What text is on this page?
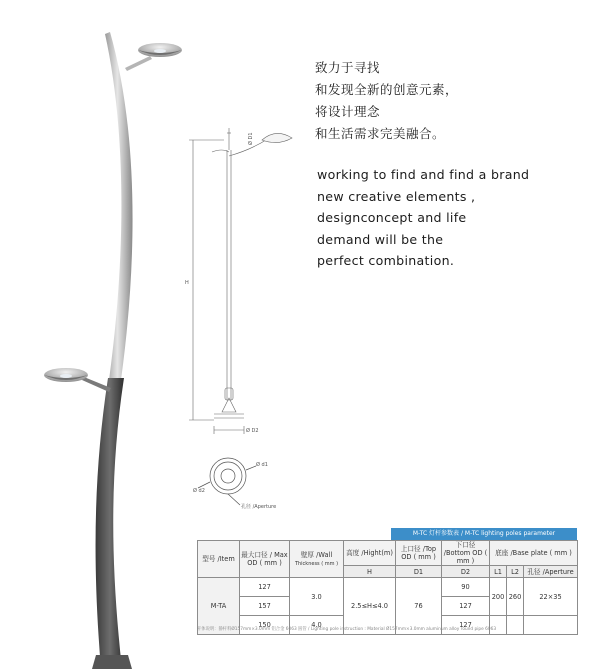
Ø D1
H
Ø D2
Ø d1
Ø d2
孔径 /Aperture
致力于寻找
和发现全新的创意元素，
将设计理念
和生活需求完美融合。
working to find and find a brand
new creative elements ,
designconcept and life
demand will be the
perfect combination.
M-TC 灯杆参数表 / M-TC lighting poles parameter
型号 /Item	最大口径 / Max OD ( mm )	壁厚 /Wall
Thickness ( mm )	高度 /Hight(m)	上口径 /Top OD ( mm )	下口径 /Bottom OD ( mm )	底座 /Base plate ( mm )		
			H	D1	D2	L1	L2	孔径 /Aperture
M-TA	127	3.0	2.5≤H≤4.0	76	90	200	260	22×35
	157				127			
	150	4.0			127			
杆体说明：静杆料Ø157mm×3.0mm 铝合金 6063 圆管 / Lighting pole instruction : Material Ø157mm×3.0mm aluminum alloy round pipe 6063
